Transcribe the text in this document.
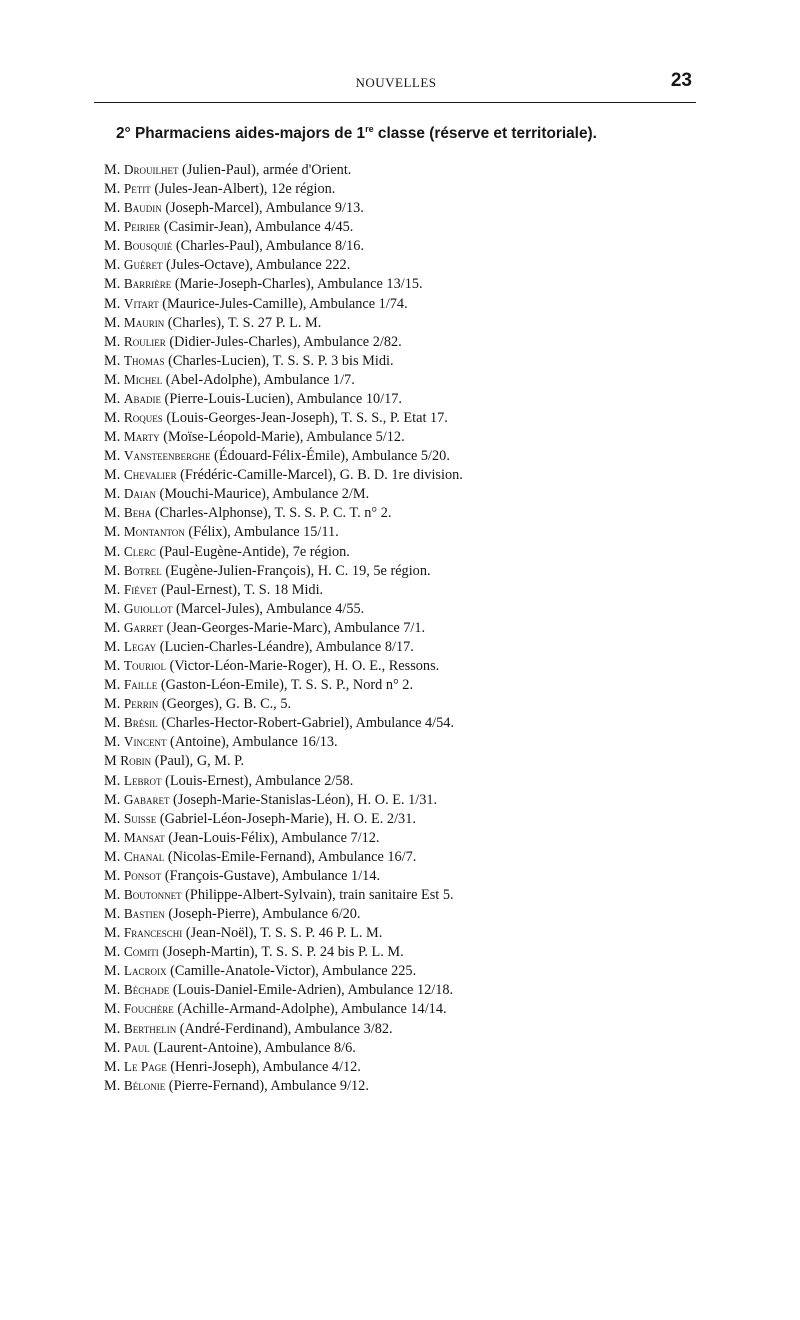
NOUVELLES	23
2° Pharmaciens aides-majors de 1re classe (réserve et territoriale).
M. Drouilhet (Julien-Paul), armée d'Orient.
M. Petit (Jules-Jean-Albert), 12e région.
M. Baudin (Joseph-Marcel), Ambulance 9/13.
M. Peirier (Casimir-Jean), Ambulance 4/45.
M. Bousquié (Charles-Paul), Ambulance 8/16.
M. Guéret (Jules-Octave), Ambulance 222.
M. Barrière (Marie-Joseph-Charles), Ambulance 13/15.
M. Vitart (Maurice-Jules-Camille), Ambulance 1/74.
M. Maurin (Charles), T. S. 27 P. L. M.
M. Roulier (Didier-Jules-Charles), Ambulance 2/82.
M. Thomas (Charles-Lucien), T. S. S. P. 3 bis Midi.
M. Michel (Abel-Adolphe), Ambulance 1/7.
M. Abadie (Pierre-Louis-Lucien), Ambulance 10/17.
M. Roques (Louis-Georges-Jean-Joseph), T. S. S., P. Etat 17.
M. Marty (Moïse-Léopold-Marie), Ambulance 5/12.
M. Vansteenberghe (Édouard-Félix-Émile), Ambulance 5/20.
M. Chevalier (Frédéric-Camille-Marcel), G. B. D. 1re division.
M. Daian (Mouchi-Maurice), Ambulance 2/M.
M. Beha (Charles-Alphonse), T. S. S. P. C. T. n° 2.
M. Montanton (Félix), Ambulance 15/11.
M. Clerc (Paul-Eugène-Antide), 7e région.
M. Botrel (Eugène-Julien-François), H. C. 19, 5e région.
M. Fiévet (Paul-Ernest), T. S. 18 Midi.
M. Guiollot (Marcel-Jules), Ambulance 4/55.
M. Garret (Jean-Georges-Marie-Marc), Ambulance 7/1.
M. Legay (Lucien-Charles-Léandre), Ambulance 8/17.
M. Touriol (Victor-Léon-Marie-Roger), H. O. E., Ressons.
M. Faille (Gaston-Léon-Emile), T. S. S. P., Nord n° 2.
M. Perrin (Georges), G. B. C., 5.
M. Brésil (Charles-Hector-Robert-Gabriel), Ambulance 4/54.
M. Vincent (Antoine), Ambulance 16/13.
M Robin (Paul), G, M. P.
M. Lebrot (Louis-Ernest), Ambulance 2/58.
M. Gabaret (Joseph-Marie-Stanislas-Léon), H. O. E. 1/31.
M. Suisse (Gabriel-Léon-Joseph-Marie), H. O. E. 2/31.
M. Mansat (Jean-Louis-Félix), Ambulance 7/12.
M. Chanal (Nicolas-Emile-Fernand), Ambulance 16/7.
M. Ponsot (François-Gustave), Ambulance 1/14.
M. Boutonnet (Philippe-Albert-Sylvain), train sanitaire Est 5.
M. Bastien (Joseph-Pierre), Ambulance 6/20.
M. Franceschi (Jean-Noël), T. S. S. P. 46 P. L. M.
M. Comiti (Joseph-Martin), T. S. S. P. 24 bis P. L. M.
M. Lacroix (Camille-Anatole-Victor), Ambulance 225.
M. Béchade (Louis-Daniel-Emile-Adrien), Ambulance 12/18.
M. Fouchère (Achille-Armand-Adolphe), Ambulance 14/14.
M. Berthelin (André-Ferdinand), Ambulance 3/82.
M. Paul (Laurent-Antoine), Ambulance 8/6.
M. Le Page (Henri-Joseph), Ambulance 4/12.
M. Bélonie (Pierre-Fernand), Ambulance 9/12.
